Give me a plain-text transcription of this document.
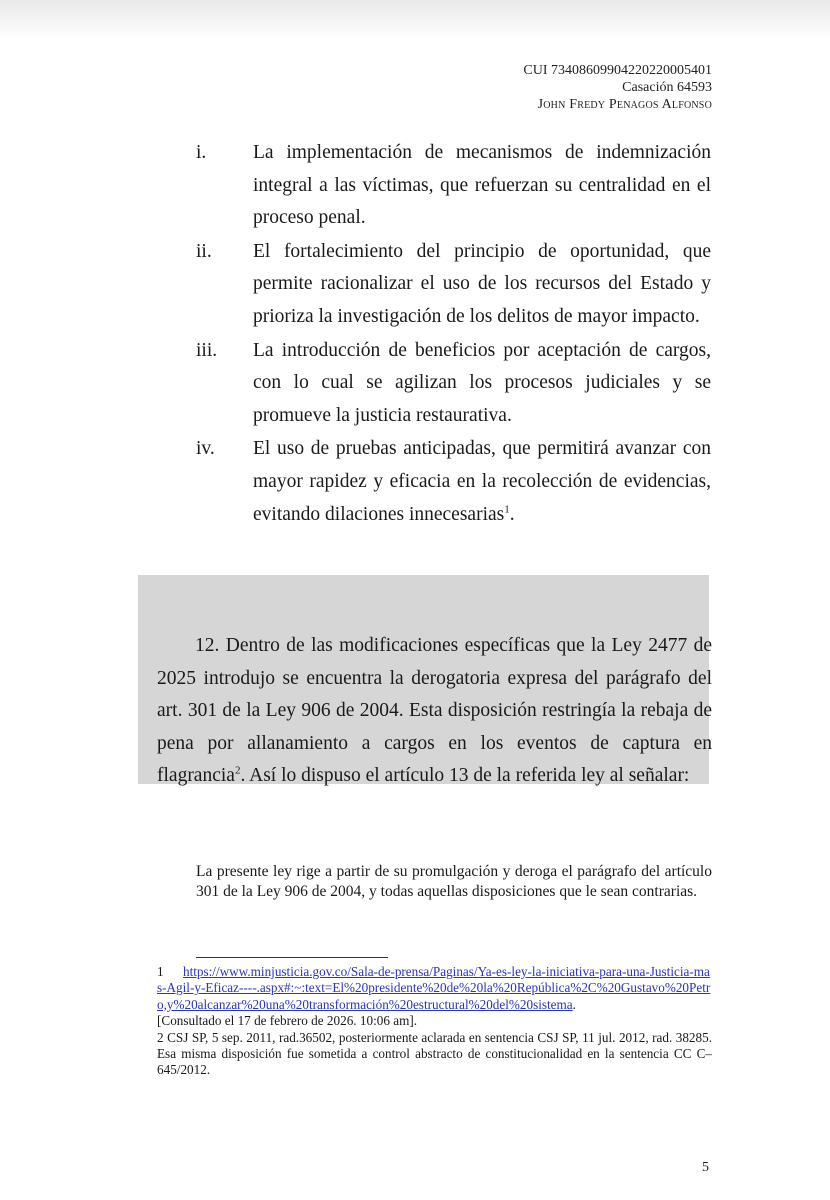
CUI 73408609904220220005401
Casación 64593
John Fredy Penagos Alfonso
i.	La implementación de mecanismos de indemnización integral a las víctimas, que refuerzan su centralidad en el proceso penal.
ii.	El fortalecimiento del principio de oportunidad, que permite racionalizar el uso de los recursos del Estado y prioriza la investigación de los delitos de mayor impacto.
iii.	La introducción de beneficios por aceptación de cargos, con lo cual se agilizan los procesos judiciales y se promueve la justicia restaurativa.
iv.	El uso de pruebas anticipadas, que permitirá avanzar con mayor rapidez y eficacia en la recolección de evidencias, evitando dilaciones innecesarias$^1$.
12. Dentro de las modificaciones específicas que la Ley 2477 de 2025 introdujo se encuentra la derogatoria expresa del parágrafo del art. 301 de la Ley 906 de 2004. Esta disposición restringía la rebaja de pena por allanamiento a cargos en los eventos de captura en flagrancia$^2$. Así lo dispuso el artículo 13 de la referida ley al señalar:
La presente ley rige a partir de su promulgación y deroga el parágrafo del artículo 301 de la Ley 906 de 2004, y todas aquellas disposiciones que le sean contrarias.
1 https://www.minjusticia.gov.co/Sala-de-prensa/Paginas/Ya-es-ley-la-iniciativa-para-una-Justicia-mas-Agil-y-Eficaz----.aspx#:~:text=El%20presidente%20de%20la%20República%2C%20Gustavo%20Petro,y%20alcanzar%20una%20transformación%20estructural%20del%20sistema.
[Consultado el 17 de febrero de 2026. 10:06 am].
2 CSJ SP, 5 sep. 2011, rad.36502, posteriormente aclarada en sentencia CSJ SP, 11 jul. 2012, rad. 38285. Esa misma disposición fue sometida a control abstracto de constitucionalidad en la sentencia CC C–645/2012.
5
